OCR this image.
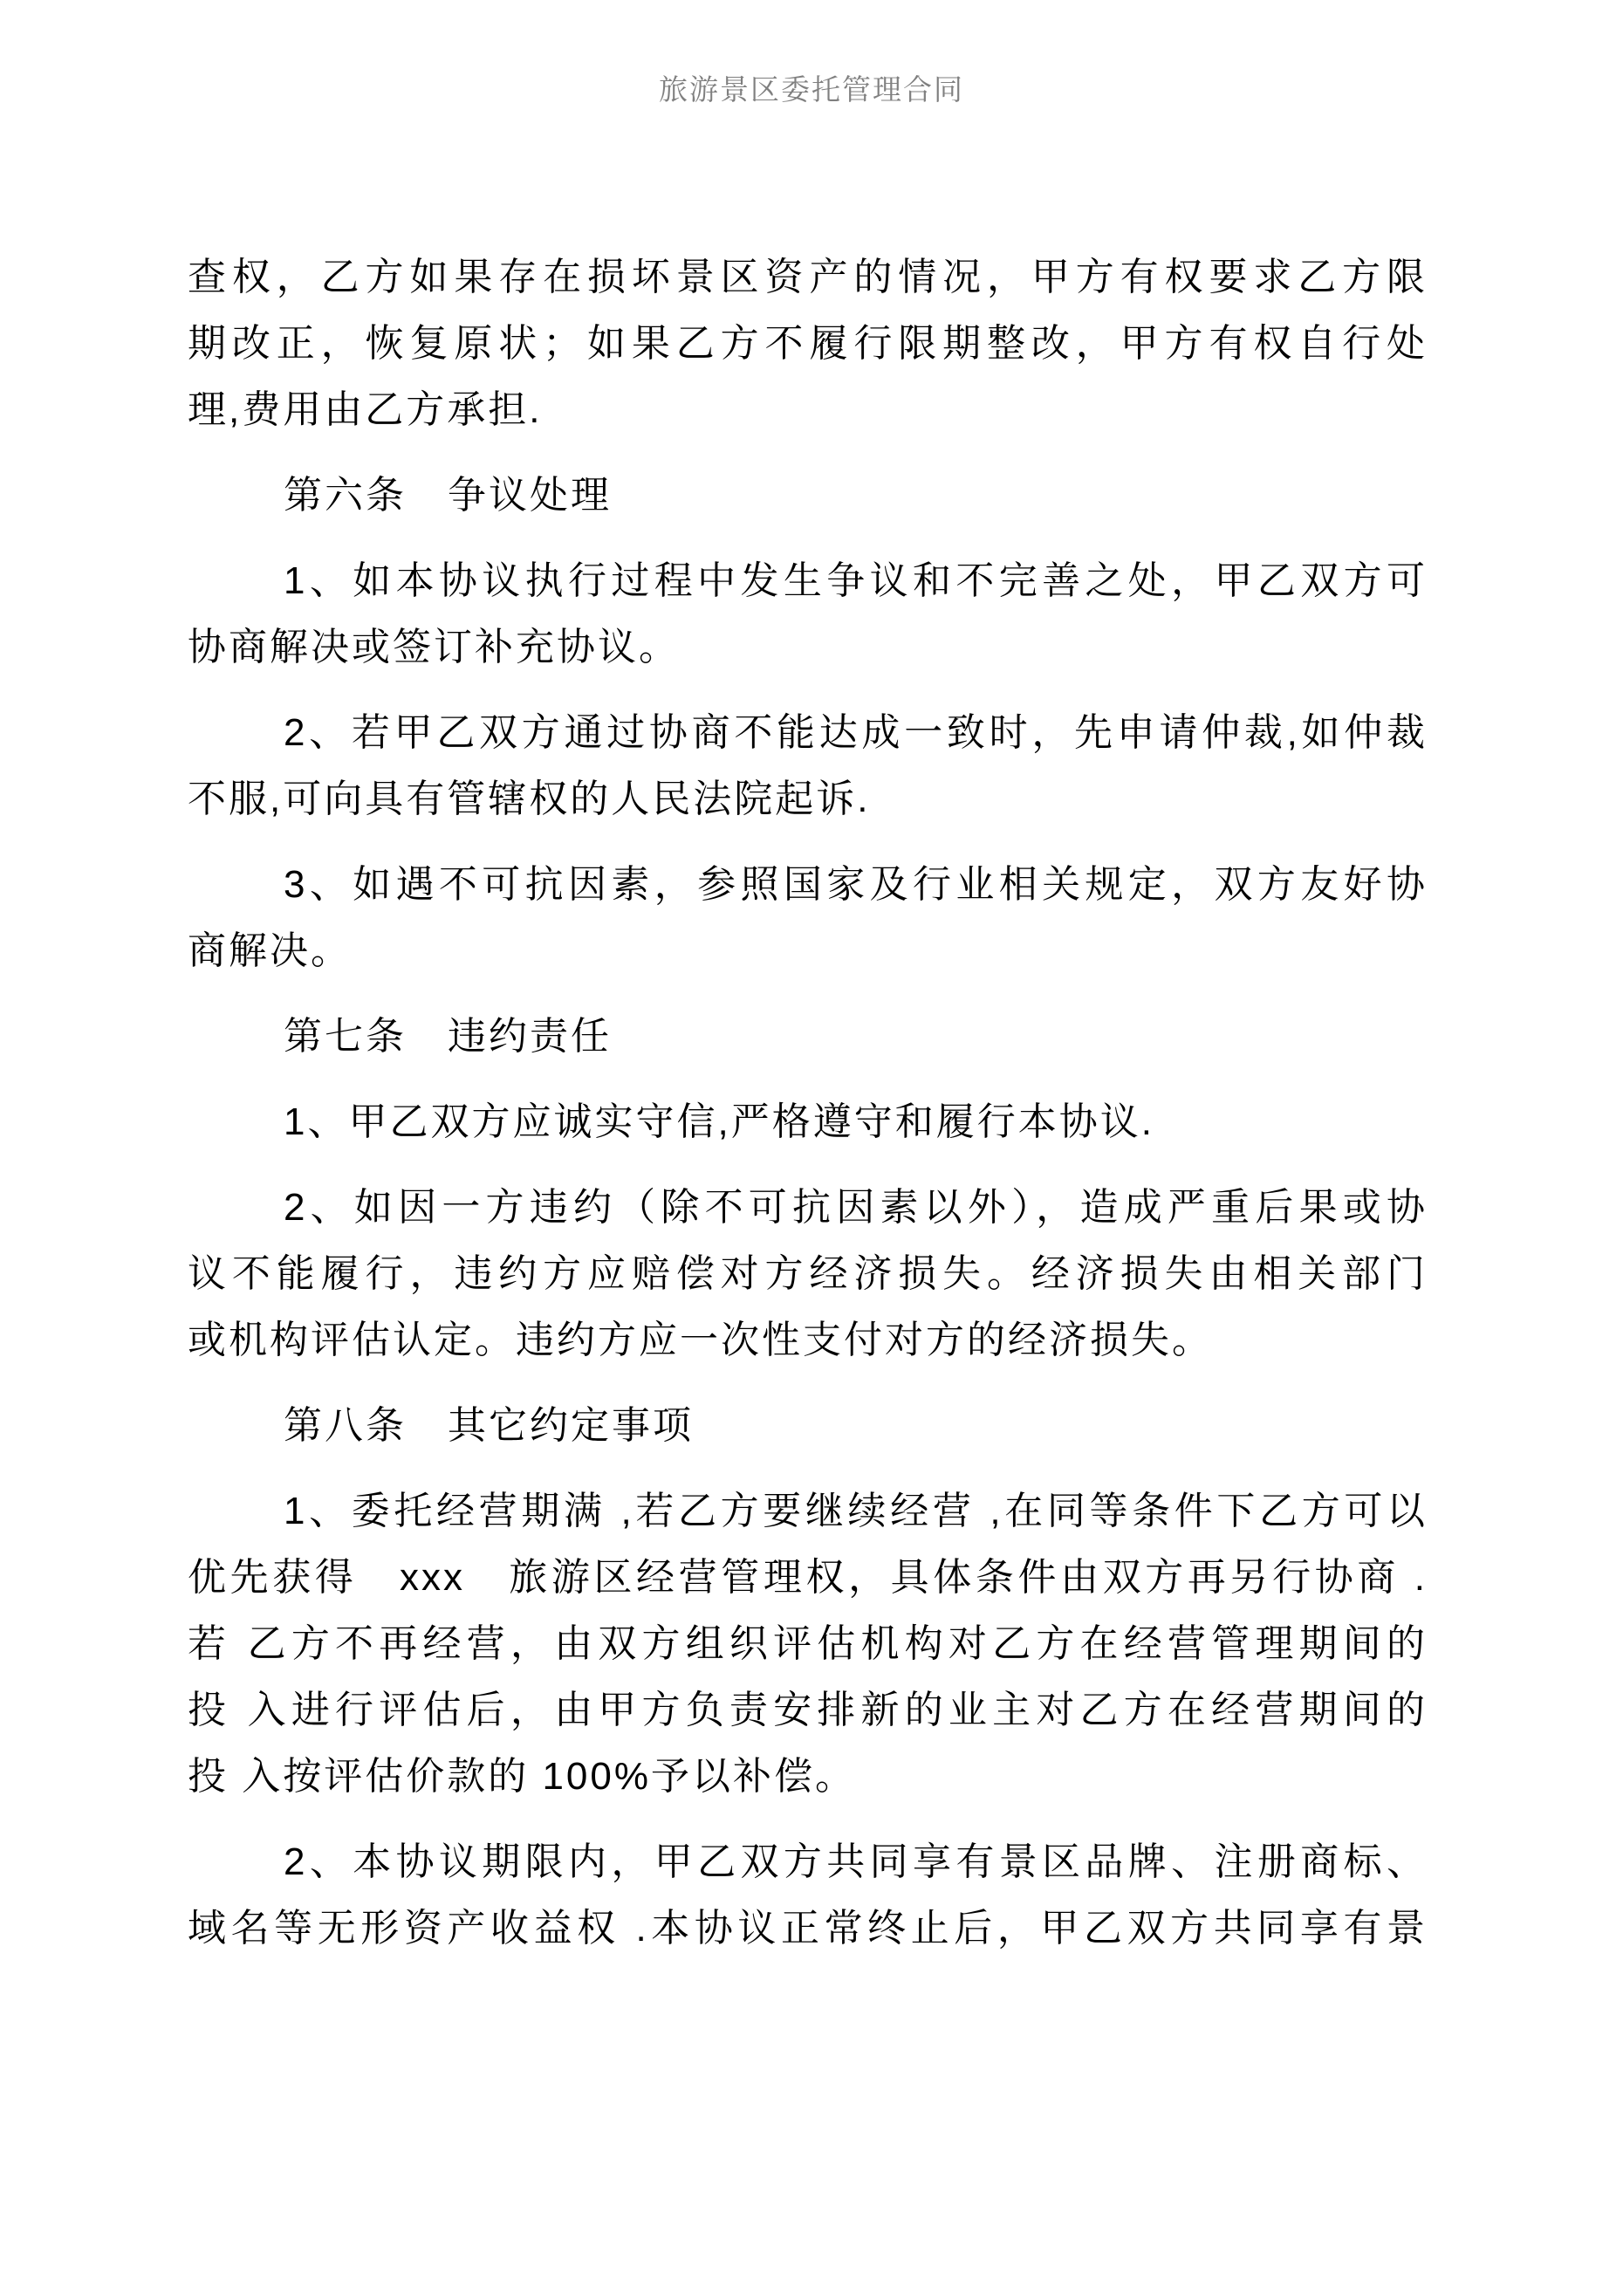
旅游景区委托管理合同
查权，乙方如果存在损坏景区资产的情况，甲方有权要求乙方限
期改正，恢复原状；如果乙方不履行限期整改，甲方有权自行处
理,费用由乙方承担.
第六条　争议处理
1、如本协议执行过程中发生争议和不完善之处，甲乙双方可
协商解决或签订补充协议。
2、若甲乙双方通过协商不能达成一致时，先申请仲裁,如仲裁
不服,可向具有管辖权的人民法院起诉.
3、如遇不可抗因素，参照国家及行业相关规定，双方友好协
商解决。
第七条　违约责任
1、甲乙双方应诚实守信,严格遵守和履行本协议.
2、如因一方违约（除不可抗因素以外），造成严重后果或协
议不能履行，违约方应赔偿对方经济损失。经济损失由相关部门
或机构评估认定。违约方应一次性支付对方的经济损失。
第八条　其它约定事项
1、委托经营期满 ,若乙方要继续经营 ,在同等条件下乙方可以
优先获得　xxx　旅游区经营管理权，具体条件由双方再另行协商 .
若 乙方不再经营，由双方组织评估机构对乙方在经营管理期间的
投 入进行评估后，由甲方负责安排新的业主对乙方在经营期间的
投 入按评估价款的 100%予以补偿。
2、本协议期限内，甲乙双方共同享有景区品牌、注册商标、
域名等无形资产收益权 .本协议正常终止后，甲乙双方共同享有景
